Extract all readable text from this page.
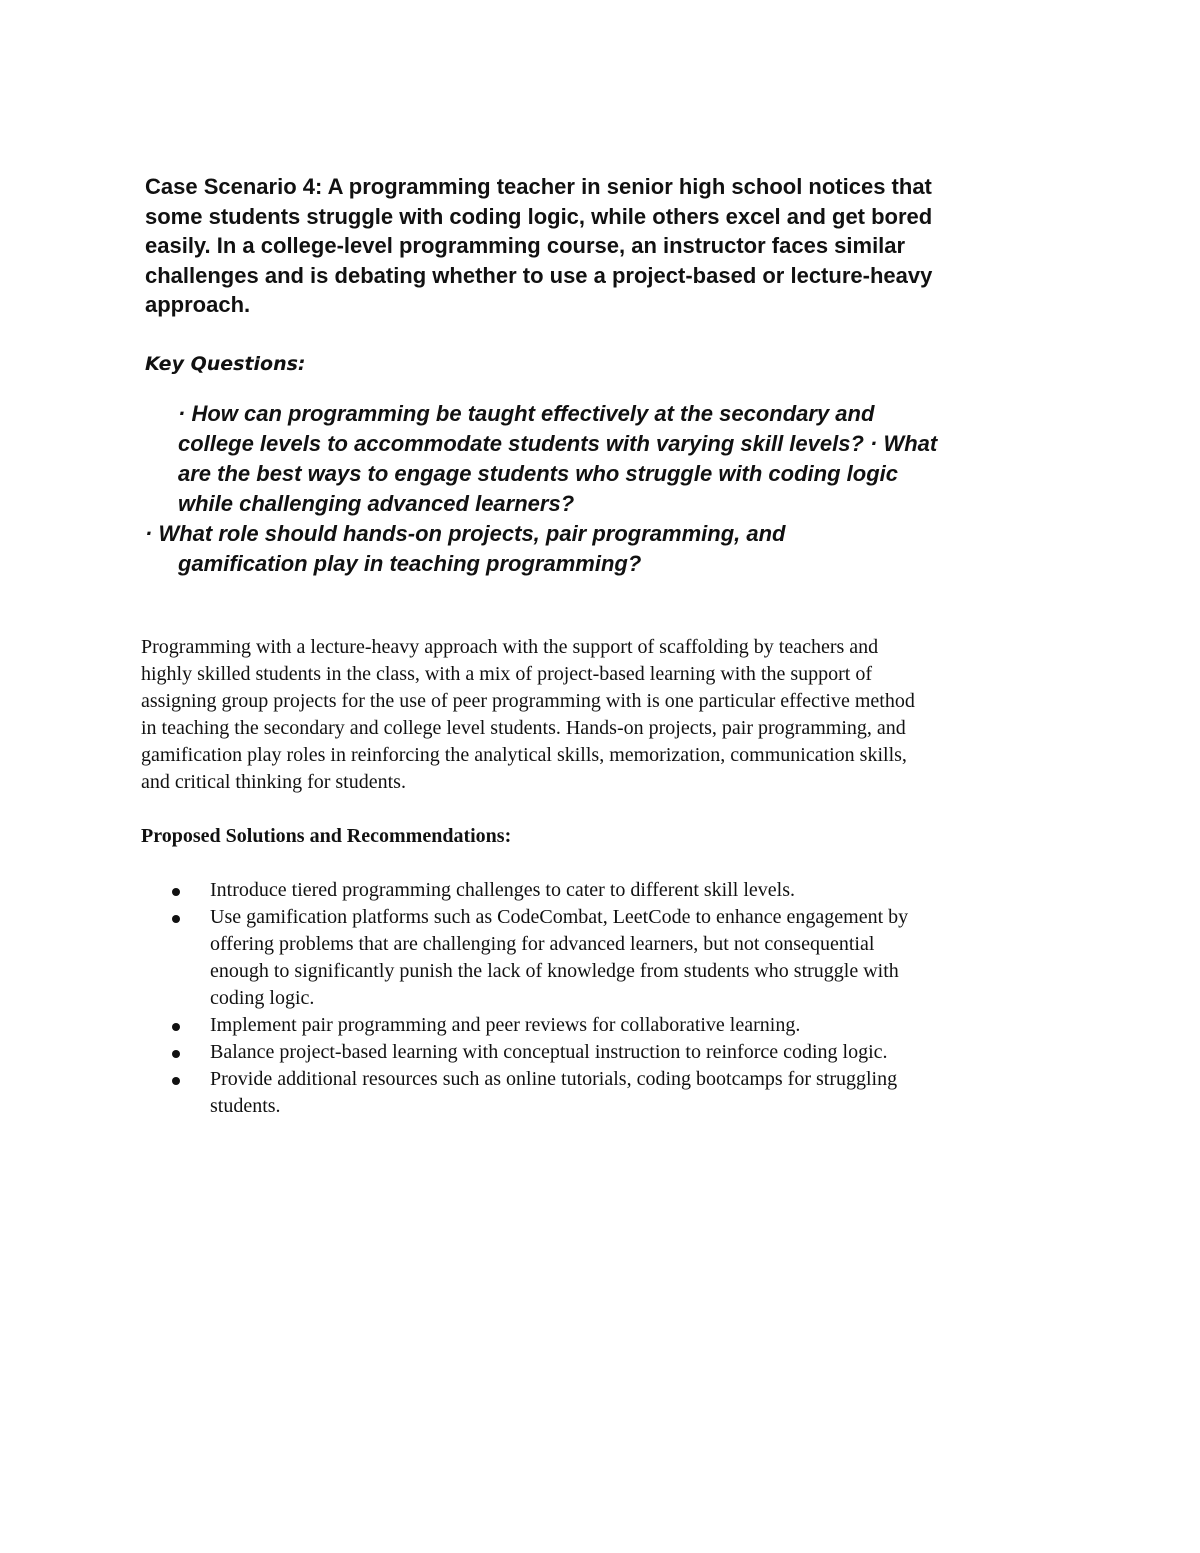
Case Scenario 4: A programming teacher in senior high school notices that
some students struggle with coding logic, while others excel and get bored
easily. In a college-level programming course, an instructor faces similar
challenges and is debating whether to use a project-based or lecture-heavy
approach.
Key Questions:
· How can programming be taught effectively at the secondary and
college levels to accommodate students with varying skill levels? · What
are the best ways to engage students who struggle with coding logic
while challenging advanced learners?
· What role should hands-on projects, pair programming, and
gamification play in teaching programming?
Programming with a lecture-heavy approach with the support of scaffolding by teachers and
highly skilled students in the class, with a mix of project-based learning with the support of
assigning group projects for the use of peer programming with is one particular effective method
in teaching the secondary and college level students. Hands-on projects, pair programming, and
gamification play roles in reinforcing the analytical skills, memorization, communication skills,
and critical thinking for students.
Proposed Solutions and Recommendations:
Introduce tiered programming challenges to cater to different skill levels.
Use gamification platforms such as CodeCombat, LeetCode to enhance engagement by
offering problems that are challenging for advanced learners, but not consequential
enough to significantly punish the lack of knowledge from students who struggle with
coding logic.
Implement pair programming and peer reviews for collaborative learning.
Balance project-based learning with conceptual instruction to reinforce coding logic.
Provide additional resources such as online tutorials, coding bootcamps for struggling
students.
